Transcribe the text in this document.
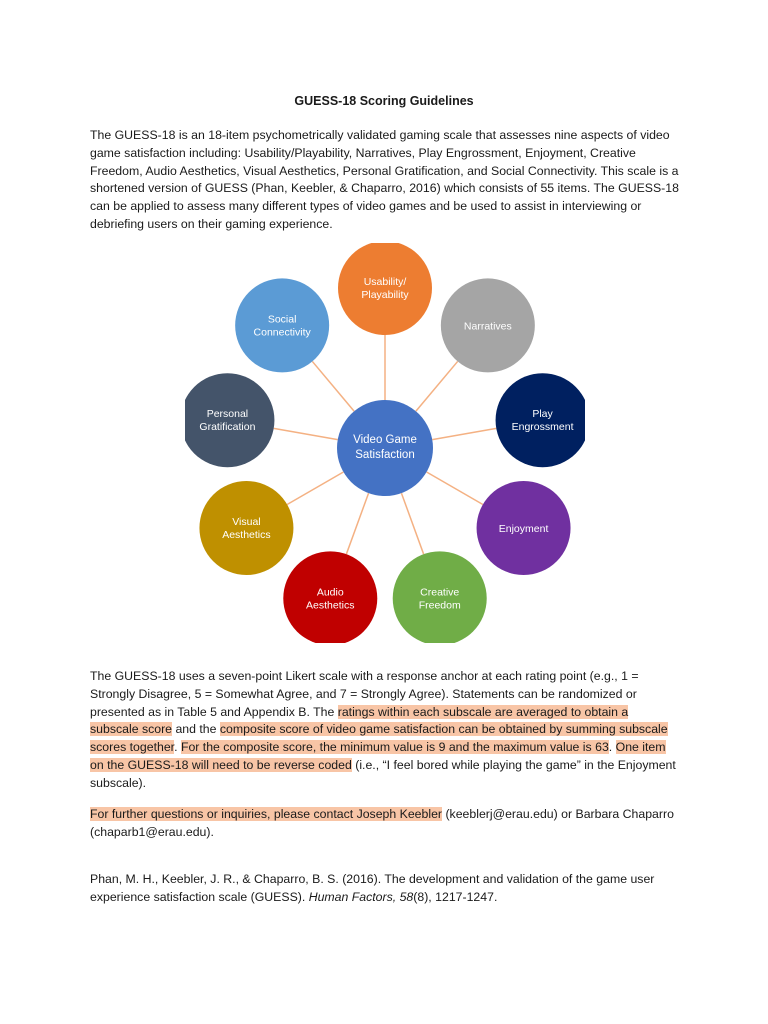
GUESS-18 Scoring Guidelines

The GUESS-18 is an 18-item psychometrically validated gaming scale that assesses nine aspects of video game satisfaction including: Usability/Playability, Narratives, Play Engrossment, Enjoyment, Creative Freedom, Audio Aesthetics, Visual Aesthetics, Personal Gratification, and Social Connectivity. This scale is a shortened version of GUESS (Phan, Keebler, & Chaparro, 2016) which consists of 55 items. The GUESS-18 can be applied to assess many different types of video games and be used to assist in interviewing or debriefing users on their gaming experience.

Usability/
Playability
Narratives
Play
Engrossment
Enjoyment
Creative
Freedom
Audio
Aesthetics
Visual
Aesthetics
Personal
Gratification
Social
Connectivity
Video Game
Satisfaction

The GUESS-18 uses a seven-point Likert scale with a response anchor at each rating point (e.g., 1 = Strongly Disagree, 5 = Somewhat Agree, and 7 = Strongly Agree). Statements can be randomized or presented as in Table 5 and Appendix B. The ratings within each subscale are averaged to obtain a subscale score and the composite score of video game satisfaction can be obtained by summing subscale scores together. For the composite score, the minimum value is 9 and the maximum value is 63. One item on the GUESS-18 will need to be reverse coded (i.e., “I feel bored while playing the game” in the Enjoyment subscale).

For further questions or inquiries, please contact Joseph Keebler (keeblerj@erau.edu) or Barbara Chaparro (chaparb1@erau.edu).

Phan, M. H., Keebler, J. R., & Chaparro, B. S. (2016). The development and validation of the game user experience satisfaction scale (GUESS). Human Factors, 58(8), 1217-1247.
